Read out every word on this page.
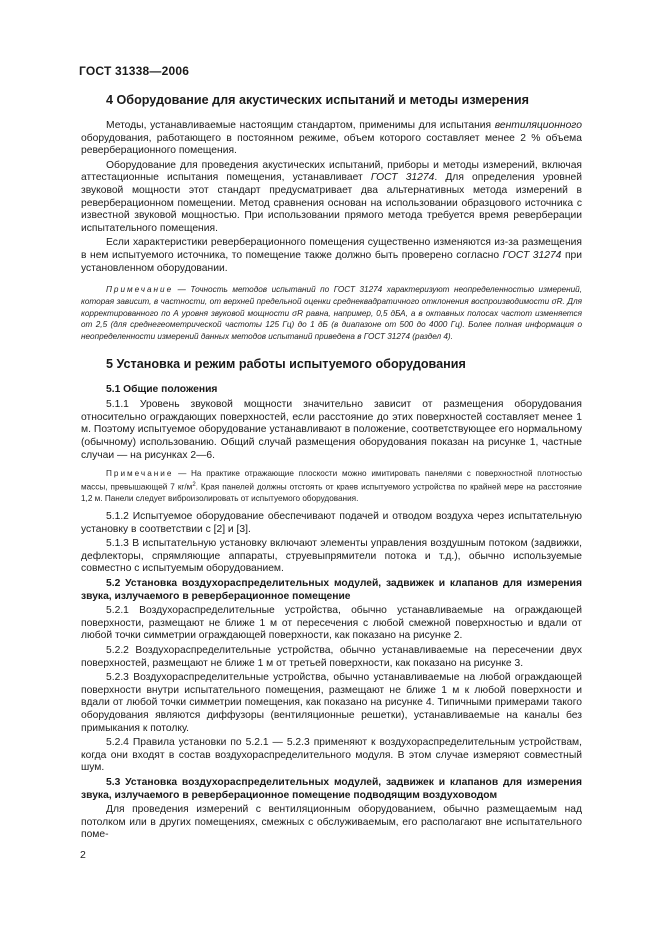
ГОСТ 31338—2006
4 Оборудование для акустических испытаний и методы измерения

Методы, устанавливаемые настоящим стандартом, применимы для испытания вентиляционного оборудования, работающего в постоянном режиме, объем которого составляет менее 2 % объема реверберационного помещения.

Оборудование для проведения акустических испытаний, приборы и методы измерений, включая аттестационные испытания помещения, устанавливает ГОСТ 31274. Для определения уровней звуковой мощности этот стандарт предусматривает два альтернативных метода измерений в реверберационном помещении. Метод сравнения основан на использовании образцового источника с известной звуковой мощностью. При использовании прямого метода требуется время реверберации испытательного помещения.

Если характеристики реверберационного помещения существенно изменяются из-за размещения в нем испытуемого источника, то помещение также должно быть проверено согласно ГОСТ 31274 при установленном оборудовании.

Примечание — Точность методов испытаний по ГОСТ 31274 характеризуют неопределенностью измерений, которая зависит, в частности, от верхней предельной оценки среднеквадратичного отклонения воспроизводимости σR. Для корректированного по А уровня звуковой мощности σR равна, например, 0,5 дБА, а в октавных полосах частот изменяется от 2,5 (для среднегеометрической частоты 125 Гц) до 1 дБ (в диапазоне от 500 до 4000 Гц). Более полная информация о неопределенности измерений данных методов испытаний приведена в ГОСТ 31274 (раздел 4).

5 Установка и режим работы испытуемого оборудования
5.1 Общие положения

5.1.1 Уровень звуковой мощности значительно зависит от размещения оборудования относительно ограждающих поверхностей, если расстояние до этих поверхностей составляет менее 1 м. Поэтому испытуемое оборудование устанавливают в положение, соответствующее его нормальному (обычному) использованию. Общий случай размещения оборудования показан на рисунке 1, частные случаи — на рисунках 2—6.

Примечание — На практике отражающие плоскости можно имитировать панелями с поверхностной плотностью массы, превышающей 7 $кг/м^2$. Края панелей должны отстоять от краев испытуемого устройства по крайней мере на расстояние 1,2 м. Панели следует виброизолировать от испытуемого оборудования.

5.1.2 Испытуемое оборудование обеспечивают подачей и отводом воздуха через испытательную установку в соответствии с [2] и [3].

5.1.3 В испытательную установку включают элементы управления воздушным потоком (задвижки, дефлекторы, спрямляющие аппараты, струевыпрямители потока и т.д.), обычно используемые совместно с испытуемым оборудованием.

5.2 Установка воздухораспределительных модулей, задвижек и клапанов для измерения звука, излучаемого в реверберационное помещение

5.2.1 Воздухораспределительные устройства, обычно устанавливаемые на ограждающей поверхности, размещают не ближе 1 м от пересечения с любой смежной поверхностью и вдали от любой точки симметрии ограждающей поверхности, как показано на рисунке 2.

5.2.2 Воздухораспределительные устройства, обычно устанавливаемые на пересечении двух поверхностей, размещают не ближе 1 м от третьей поверхности, как показано на рисунке 3.

5.2.3 Воздухораспределительные устройства, обычно устанавливаемые на любой ограждающей поверхности внутри испытательного помещения, размещают не ближе 1 м к любой поверхности и вдали от любой точки симметрии помещения, как показано на рисунке 4. Типичными примерами такого оборудования являются диффузоры (вентиляционные решетки), устанавливаемые на каналы без примыкания к потолку.

5.2.4 Правила установки по 5.2.1 — 5.2.3 применяют к воздухораспределительным устройствам, когда они входят в состав воздухораспределительного модуля. В этом случае измеряют совместный шум.

5.3 Установка воздухораспределительных модулей, задвижек и клапанов для измерения звука, излучаемого в реверберационное помещение подводящим воздуховодом

Для проведения измерений с вентиляционным оборудованием, обычно размещаемым над потолком или в других помещениях, смежных с обслуживаемым, его располагают вне испытательного поме-

2
